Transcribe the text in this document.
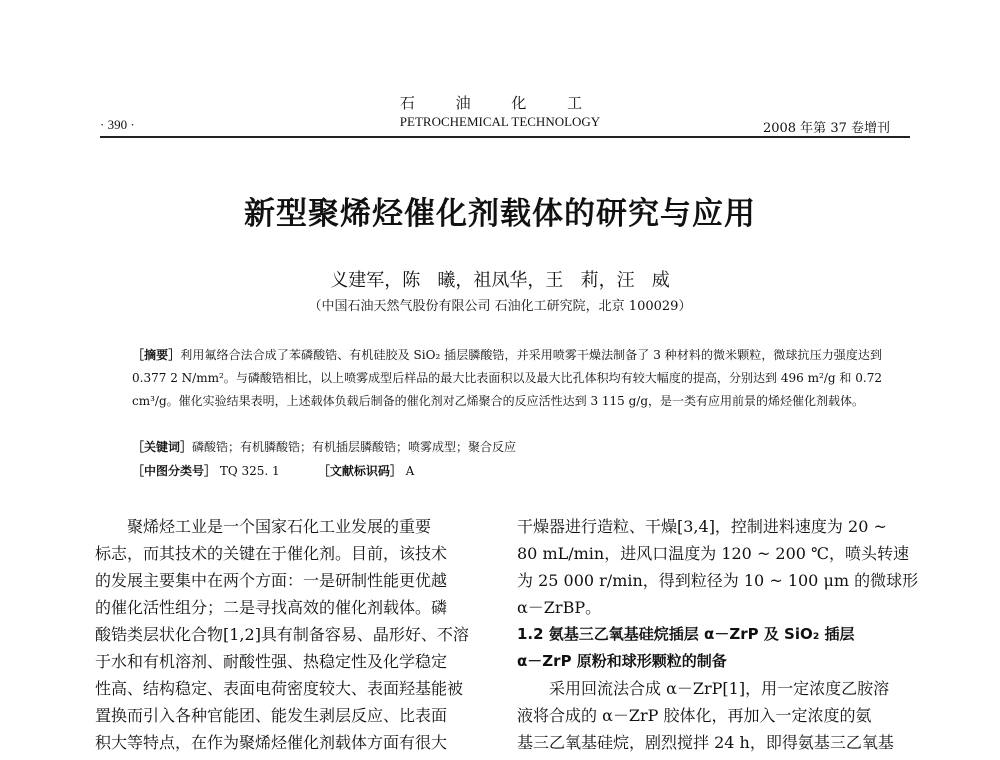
石 油 化 工
PETROCHEMICAL TECHNOLOGY
· 390 ·	2008 年第 37 卷增刊
新型聚烯烃催化剂载体的研究与应用
义建军，陈   曦，祖凤华，王   莉，汪   威
（中国石油天然气股份有限公司 石油化工研究院，北京 100029）
［摘要］利用氟络合法合成了苯磷酸锆、有机硅胶及 SiO₂ 插层膦酸锆，并采用喷雾干燥法制备了 3 种材料的微米颗粒，微球抗压力强度达到 0.377 2 N/mm²。与磷酸锆相比，以上喷雾成型后样品的最大比表面积以及最大比孔体积均有较大幅度的提高，分别达到 496 m²/g 和 0.72 cm³/g。催化实验结果表明，上述载体负载后制备的催化剂对乙烯聚合的反应活性达到 3 115 g/g，是一类有应用前景的烯烃催化剂载体。
［关键词］磷酸锆；有机膦酸锆；有机插层膦酸锆；喷雾成型；聚合反应
［中图分类号］ TQ 325. 1	［文献标识码］ A
聚烯烃工业是一个国家石化工业发展的重要
标志，而其技术的关键在于催化剂。目前，该技术
的发展主要集中在两个方面：一是研制性能更优越
的催化活性组分；二是寻找高效的催化剂载体。磷
酸锆类层状化合物[1,2]具有制备容易、晶形好、不溶
于水和有机溶剂、耐酸性强、热稳定性及化学稳定
性高、结构稳定、表面电荷密度较大、表面羟基能被
置换而引入各种官能团、能发生剥层反应、比表面
积大等特点，在作为聚烯烃催化剂载体方面有很大
干燥器进行造粒、干燥[3,4]，控制进料速度为 20 ~
80 mL/min，进风口温度为 120 ~ 200 ℃，喷头转速
为 25 000 r/min，得到粒径为 10 ~ 100 μm 的微球形
α－ZrBP。
1.2 氨基三乙氧基硅烷插层 α－ZrP 及 SiO₂ 插层
α－ZrP 原粉和球形颗粒的制备
采用回流法合成 α－ZrP[1]，用一定浓度乙胺溶
液将合成的 α－ZrP 胶体化，再加入一定浓度的氨
基三乙氧基硅烷，剧烈搅拌 24 h，即得氨基三乙氧基
